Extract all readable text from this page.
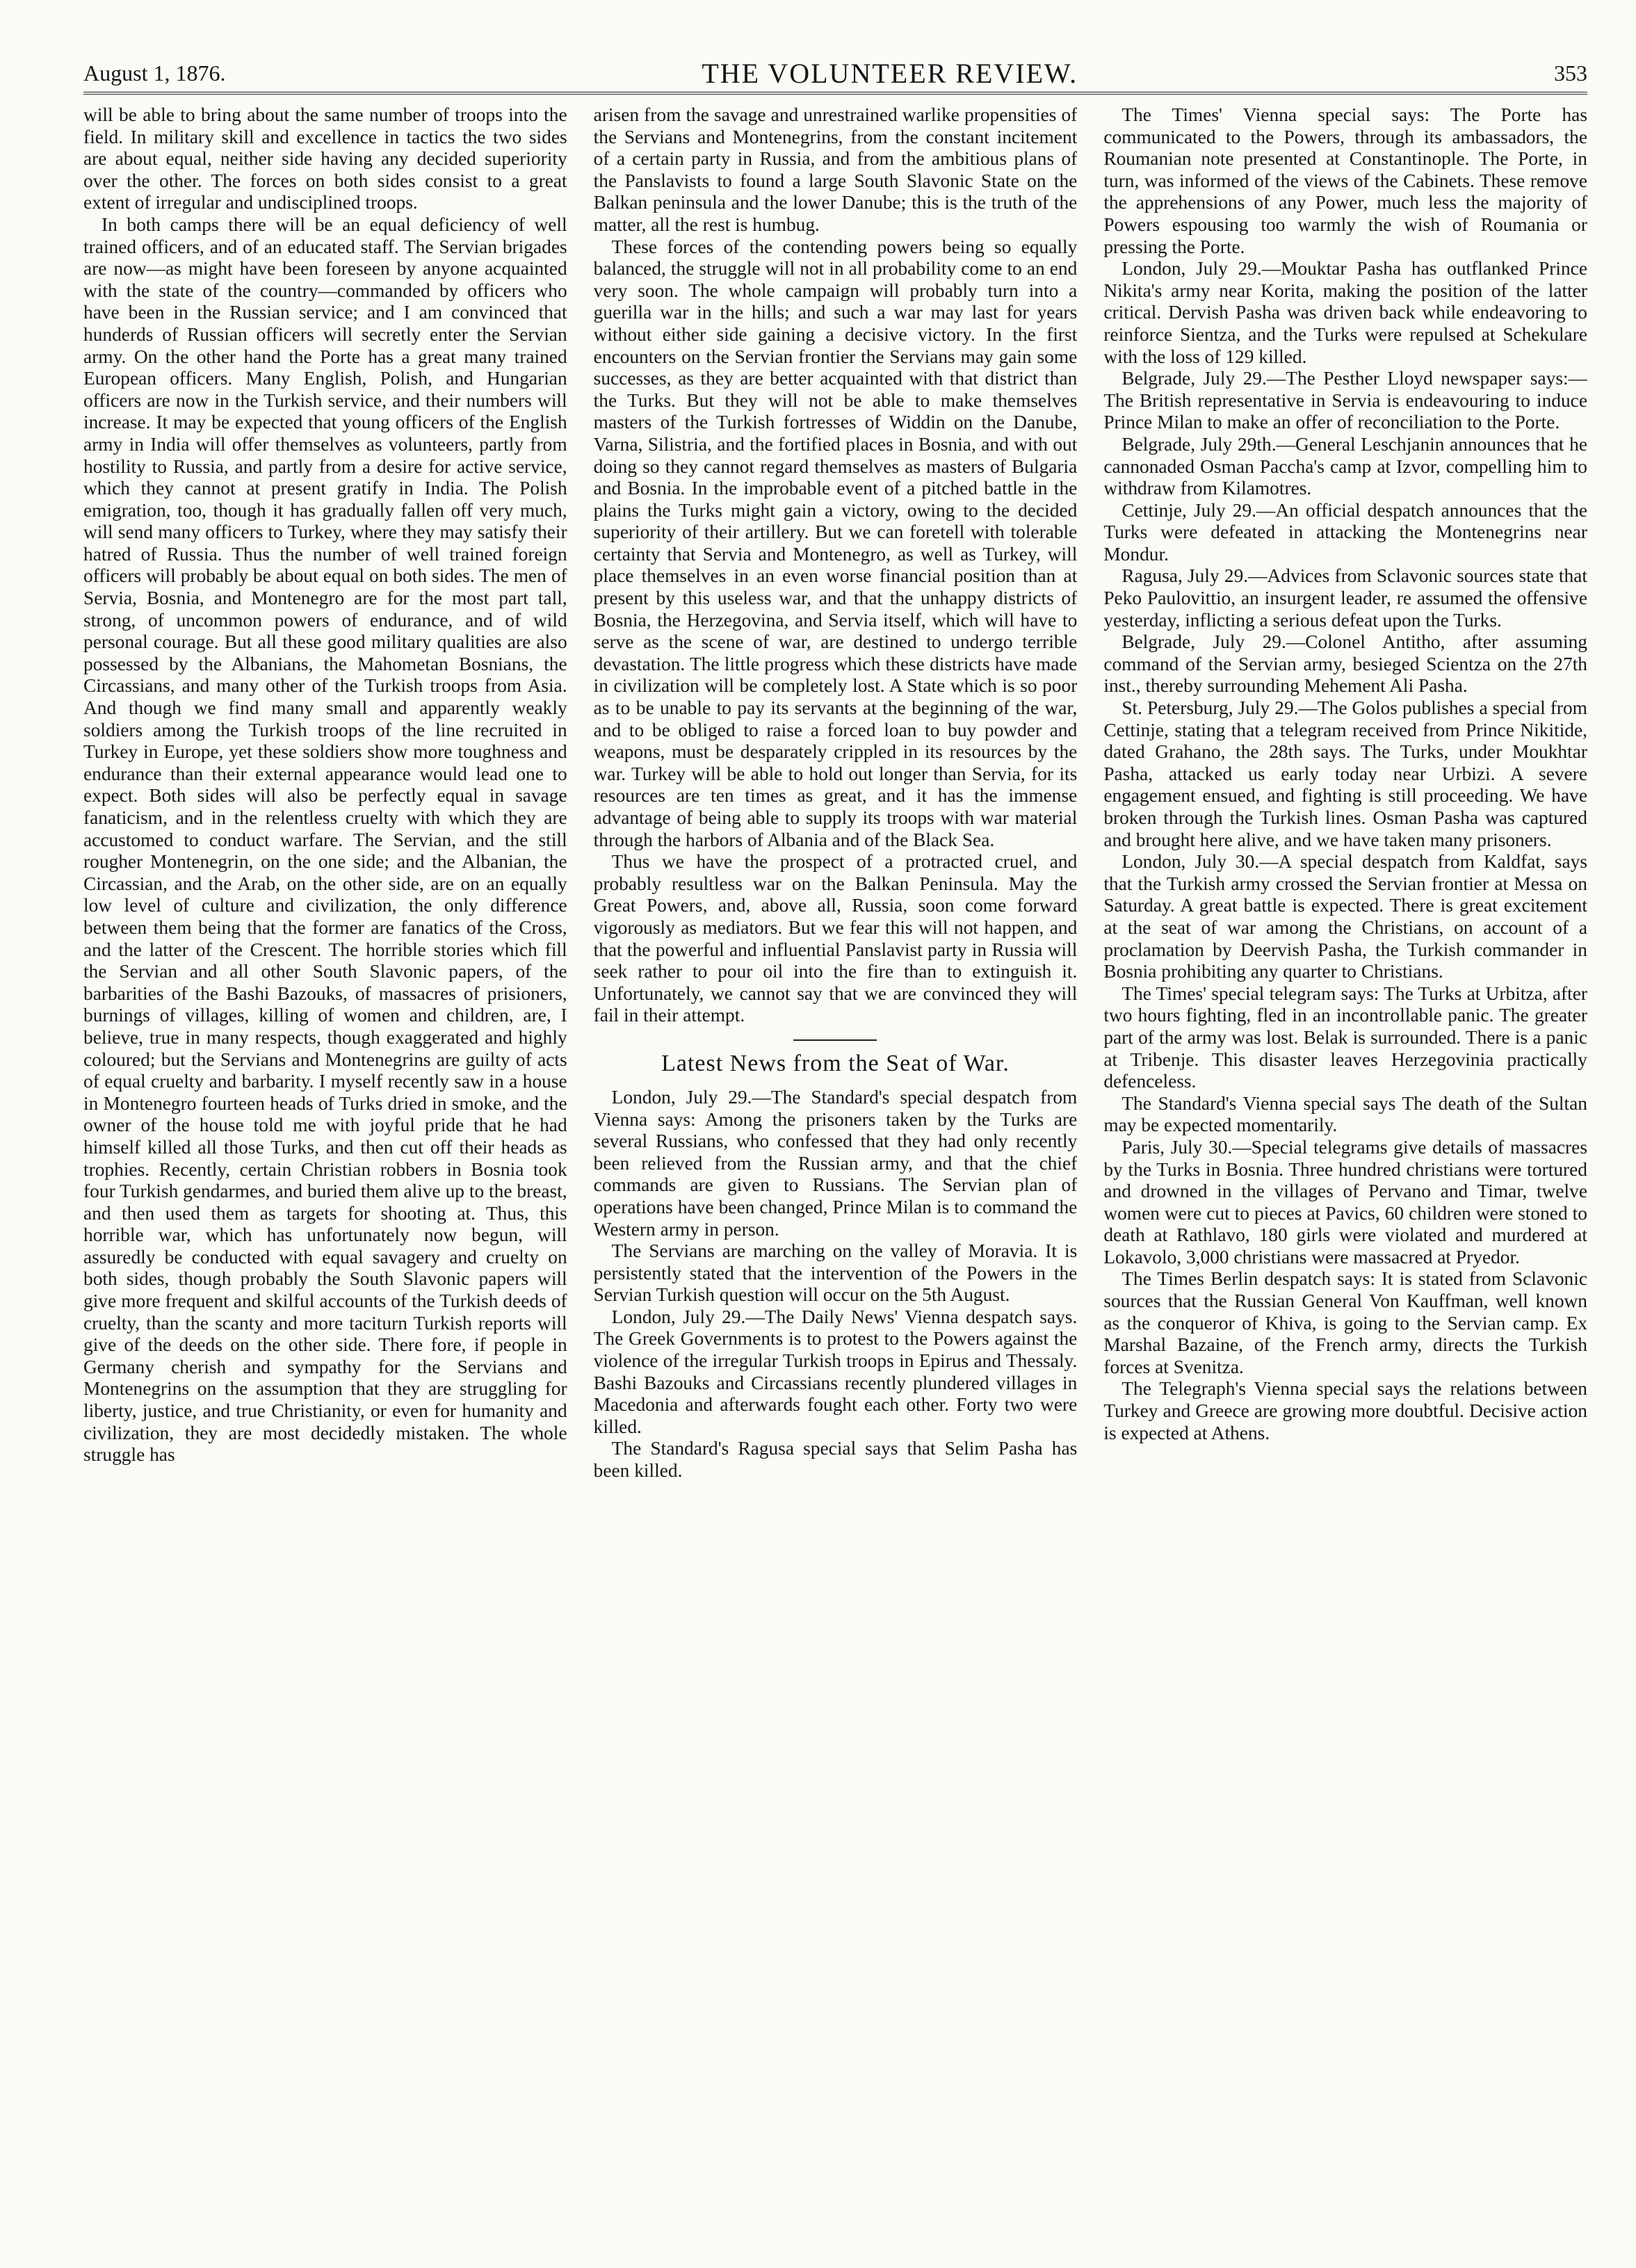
August 1, 1876.	THE VOLUNTEER REVIEW.	353

will be able to bring about the same number of troops into the field. In military skill and excellence in tactics the two sides are about equal, neither side having any decided superiority over the other. The forces on both sides consist to a great extent of irregular and undisciplined troops.

In both camps there will be an equal deficiency of well trained officers, and of an educated staff. The Servian brigades are now—as might have been foreseen by anyone acquainted with the state of the country—commanded by officers who have been in the Russian service; and I am convinced that hunderds of Russian officers will secretly enter the Servian army. On the other hand the Porte has a great many trained European officers. Many English, Polish, and Hungarian officers are now in the Turkish service, and their numbers will increase. It may be expected that young officers of the English army in India will offer themselves as volunteers, partly from hostility to Russia, and partly from a desire for active service, which they cannot at present gratify in India. The Polish emigration, too, though it has gradually fallen off very much, will send many officers to Turkey, where they may satisfy their hatred of Russia. Thus the number of well trained foreign officers will probably be about equal on both sides. The men of Servia, Bosnia, and Montenegro are for the most part tall, strong, of uncommon powers of endurance, and of wild personal courage. But all these good military qualities are also possessed by the Albanians, the Mahometan Bosnians, the Circassians, and many other of the Turkish troops from Asia. And though we find many small and apparently weakly soldiers among the Turkish troops of the line recruited in Turkey in Europe, yet these soldiers show more toughness and endurance than their external appearance would lead one to expect. Both sides will also be perfectly equal in savage fanaticism, and in the relentless cruelty with which they are accustomed to conduct warfare. The Servian, and the still rougher Montenegrin, on the one side; and the Albanian, the Circassian, and the Arab, on the other side, are on an equally low level of culture and civilization, the only difference between them being that the former are fanatics of the Cross, and the latter of the Crescent. The horrible stories which fill the Servian and all other South Slavonic papers, of the barbarities of the Bashi Bazouks, of massacres of prisioners, burnings of villages, killing of women and children, are, I believe, true in many respects, though exaggerated and highly coloured; but the Servians and Montenegrins are guilty of acts of equal cruelty and barbarity. I myself recently saw in a house in Montenegro fourteen heads of Turks dried in smoke, and the owner of the house told me with joyful pride that he had himself killed all those Turks, and then cut off their heads as trophies. Recently, certain Christian robbers in Bosnia took four Turkish gendarmes, and buried them alive up to the breast, and then used them as targets for shooting at. Thus, this horrible war, which has unfortunately now begun, will assuredly be conducted with equal savagery and cruelty on both sides, though probably the South Slavonic papers will give more frequent and skilful accounts of the Turkish deeds of cruelty, than the scanty and more taciturn Turkish reports will give of the deeds on the other side. There fore, if people in Germany cherish and sympathy for the Servians and Montenegrins on the assumption that they are struggling for liberty, justice, and true Christianity, or even for humanity and civilization, they are most decidedly mistaken. The whole struggle has

arisen from the savage and unrestrained warlike propensities of the Servians and Montenegrins, from the constant incitement of a certain party in Russia, and from the ambitious plans of the Panslavists to found a large South Slavonic State on the Balkan peninsula and the lower Danube; this is the truth of the matter, all the rest is humbug.

These forces of the contending powers being so equally balanced, the struggle will not in all probability come to an end very soon. The whole campaign will probably turn into a guerilla war in the hills; and such a war may last for years without either side gaining a decisive victory. In the first encounters on the Servian frontier the Servians may gain some successes, as they are better acquainted with that district than the Turks. But they will not be able to make themselves masters of the Turkish fortresses of Widdin on the Danube, Varna, Silistria, and the fortified places in Bosnia, and with out doing so they cannot regard themselves as masters of Bulgaria and Bosnia. In the improbable event of a pitched battle in the plains the Turks might gain a victory, owing to the decided superiority of their artillery. But we can foretell with tolerable certainty that Servia and Montenegro, as well as Turkey, will place themselves in an even worse financial position than at present by this useless war, and that the unhappy districts of Bosnia, the Herzegovina, and Servia itself, which will have to serve as the scene of war, are destined to undergo terrible devastation. The little progress which these districts have made in civilization will be completely lost. A State which is so poor as to be unable to pay its servants at the beginning of the war, and to be obliged to raise a forced loan to buy powder and weapons, must be desparately crippled in its resources by the war. Turkey will be able to hold out longer than Servia, for its resources are ten times as great, and it has the immense advantage of being able to supply its troops with war material through the harbors of Albania and of the Black Sea.

Thus we have the prospect of a protracted cruel, and probably resultless war on the Balkan Peninsula. May the Great Powers, and, above all, Russia, soon come forward vigorously as mediators. But we fear this will not happen, and that the powerful and influential Panslavist party in Russia will seek rather to pour oil into the fire than to extinguish it. Unfortunately, we cannot say that we are convinced they will fail in their attempt.

Latest News from the Seat of War.

London, July 29.—The Standard's special despatch from Vienna says: Among the prisoners taken by the Turks are several Russians, who confessed that they had only recently been relieved from the Russian army, and that the chief commands are given to Russians. The Servian plan of operations have been changed, Prince Milan is to command the Western army in person.

The Servians are marching on the valley of Moravia. It is persistently stated that the intervention of the Powers in the Servian Turkish question will occur on the 5th August.

London, July 29.—The Daily News' Vienna despatch says. The Greek Governments is to protest to the Powers against the violence of the irregular Turkish troops in Epirus and Thessaly. Bashi Bazouks and Circassians recently plundered villages in Macedonia and afterwards fought each other. Forty two were killed.

The Standard's Ragusa special says that Selim Pasha has been killed.

The Times' Vienna special says: The Porte has communicated to the Powers, through its ambassadors, the Roumanian note presented at Constantinople. The Porte, in turn, was informed of the views of the Cabinets. These remove the apprehensions of any Power, much less the majority of Powers espousing too warmly the wish of Roumania or pressing the Porte.

London, July 29.—Mouktar Pasha has outflanked Prince Nikita's army near Korita, making the position of the latter critical. Dervish Pasha was driven back while endeavoring to reinforce Sientza, and the Turks were repulsed at Schekulare with the loss of 129 killed.

Belgrade, July 29.—The Pesther Lloyd newspaper says:—The British representative in Servia is endeavouring to induce Prince Milan to make an offer of reconciliation to the Porte.

Belgrade, July 29th.—General Leschjanin announces that he cannonaded Osman Paccha's camp at Izvor, compelling him to withdraw from Kilamotres.

Cettinje, July 29.—An official despatch announces that the Turks were defeated in attacking the Montenegrins near Mondur.

Ragusa, July 29.—Advices from Sclavonic sources state that Peko Paulovittio, an insurgent leader, re assumed the offensive yesterday, inflicting a serious defeat upon the Turks.

Belgrade, July 29.—Colonel Antitho, after assuming command of the Servian army, besieged Scientza on the 27th inst., thereby surrounding Mehement Ali Pasha.

St. Petersburg, July 29.—The Golos publishes a special from Cettinje, stating that a telegram received from Prince Nikitide, dated Grahano, the 28th says. The Turks, under Moukhtar Pasha, attacked us early today near Urbizi. A severe engagement ensued, and fighting is still proceeding. We have broken through the Turkish lines. Osman Pasha was captured and brought here alive, and we have taken many prisoners.

London, July 30.—A special despatch from Kaldfat, says that the Turkish army crossed the Servian frontier at Messa on Saturday. A great battle is expected. There is great excitement at the seat of war among the Christians, on account of a proclamation by Deervish Pasha, the Turkish commander in Bosnia prohibiting any quarter to Christians.

The Times' special telegram says: The Turks at Urbitza, after two hours fighting, fled in an incontrollable panic. The greater part of the army was lost. Belak is surrounded. There is a panic at Tribenje. This disaster leaves Herzegovinia practically defenceless.

The Standard's Vienna special says The death of the Sultan may be expected momentarily.

Paris, July 30.—Special telegrams give details of massacres by the Turks in Bosnia. Three hundred christians were tortured and drowned in the villages of Pervano and Timar, twelve women were cut to pieces at Pavics, 60 children were stoned to death at Rathlavo, 180 girls were violated and murdered at Lokavolo, 3,000 christians were massacred at Pryedor.

The Times Berlin despatch says: It is stated from Sclavonic sources that the Russian General Von Kauffman, well known as the conqueror of Khiva, is going to the Servian camp. Ex Marshal Bazaine, of the French army, directs the Turkish forces at Svenitza.

The Telegraph's Vienna special says the relations between Turkey and Greece are growing more doubtful. Decisive action is expected at Athens.
